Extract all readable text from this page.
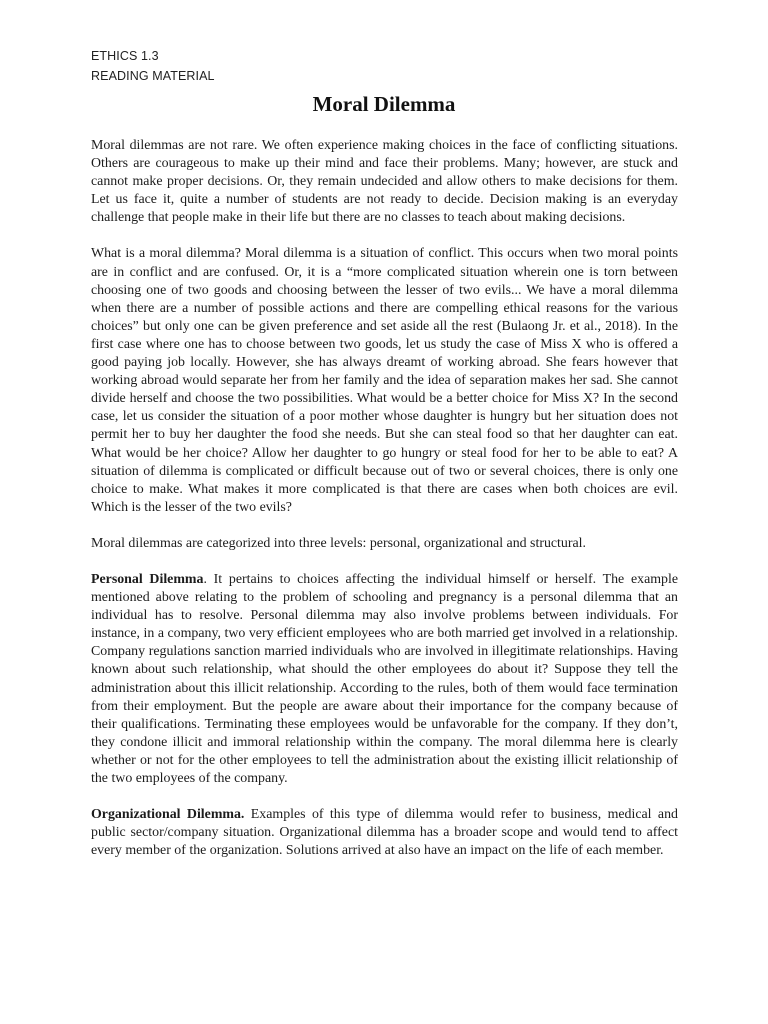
ETHICS 1.3
READING MATERIAL
Moral Dilemma

Moral dilemmas are not rare. We often experience making choices in the face of conflicting situations. Others are courageous to make up their mind and face their problems. Many; however, are stuck and cannot make proper decisions. Or, they remain undecided and allow others to make decisions for them. Let us face it, quite a number of students are not ready to decide. Decision making is an everyday challenge that people make in their life but there are no classes to teach about making decisions.

What is a moral dilemma? Moral dilemma is a situation of conflict. This occurs when two moral points are in conflict and are confused. Or, it is a “more complicated situation wherein one is torn between choosing one of two goods and choosing between the lesser of two evils... We have a moral dilemma when there are a number of possible actions and there are compelling ethical reasons for the various choices” but only one can be given preference and set aside all the rest (Bulaong Jr. et al., 2018). In the first case where one has to choose between two goods, let us study the case of Miss X who is offered a good paying job locally. However, she has always dreamt of working abroad. She fears however that working abroad would separate her from her family and the idea of separation makes her sad. She cannot divide herself and choose the two possibilities. What would be a better choice for Miss X? In the second case, let us consider the situation of a poor mother whose daughter is hungry but her situation does not permit her to buy her daughter the food she needs. But she can steal food so that her daughter can eat. What would be her choice? Allow her daughter to go hungry or steal food for her to be able to eat? A situation of dilemma is complicated or difficult because out of two or several choices, there is only one choice to make. What makes it more complicated is that there are cases when both choices are evil. Which is the lesser of the two evils?

Moral dilemmas are categorized into three levels: personal, organizational and structural.

Personal Dilemma. It pertains to choices affecting the individual himself or herself. The example mentioned above relating to the problem of schooling and pregnancy is a personal dilemma that an individual has to resolve. Personal dilemma may also involve problems between individuals. For instance, in a company, two very efficient employees who are both married get involved in a relationship. Company regulations sanction married individuals who are involved in illegitimate relationships. Having known about such relationship, what should the other employees do about it? Suppose they tell the administration about this illicit relationship. According to the rules, both of them would face termination from their employment. But the people are aware about their importance for the company because of their qualifications. Terminating these employees would be unfavorable for the company. If they don’t, they condone illicit and immoral relationship within the company. The moral dilemma here is clearly whether or not for the other employees to tell the administration about the existing illicit relationship of the two employees of the company.

Organizational Dilemma. Examples of this type of dilemma would refer to business, medical and public sector/company situation. Organizational dilemma has a broader scope and would tend to affect every member of the organization. Solutions arrived at also have an impact on the life of each member.
